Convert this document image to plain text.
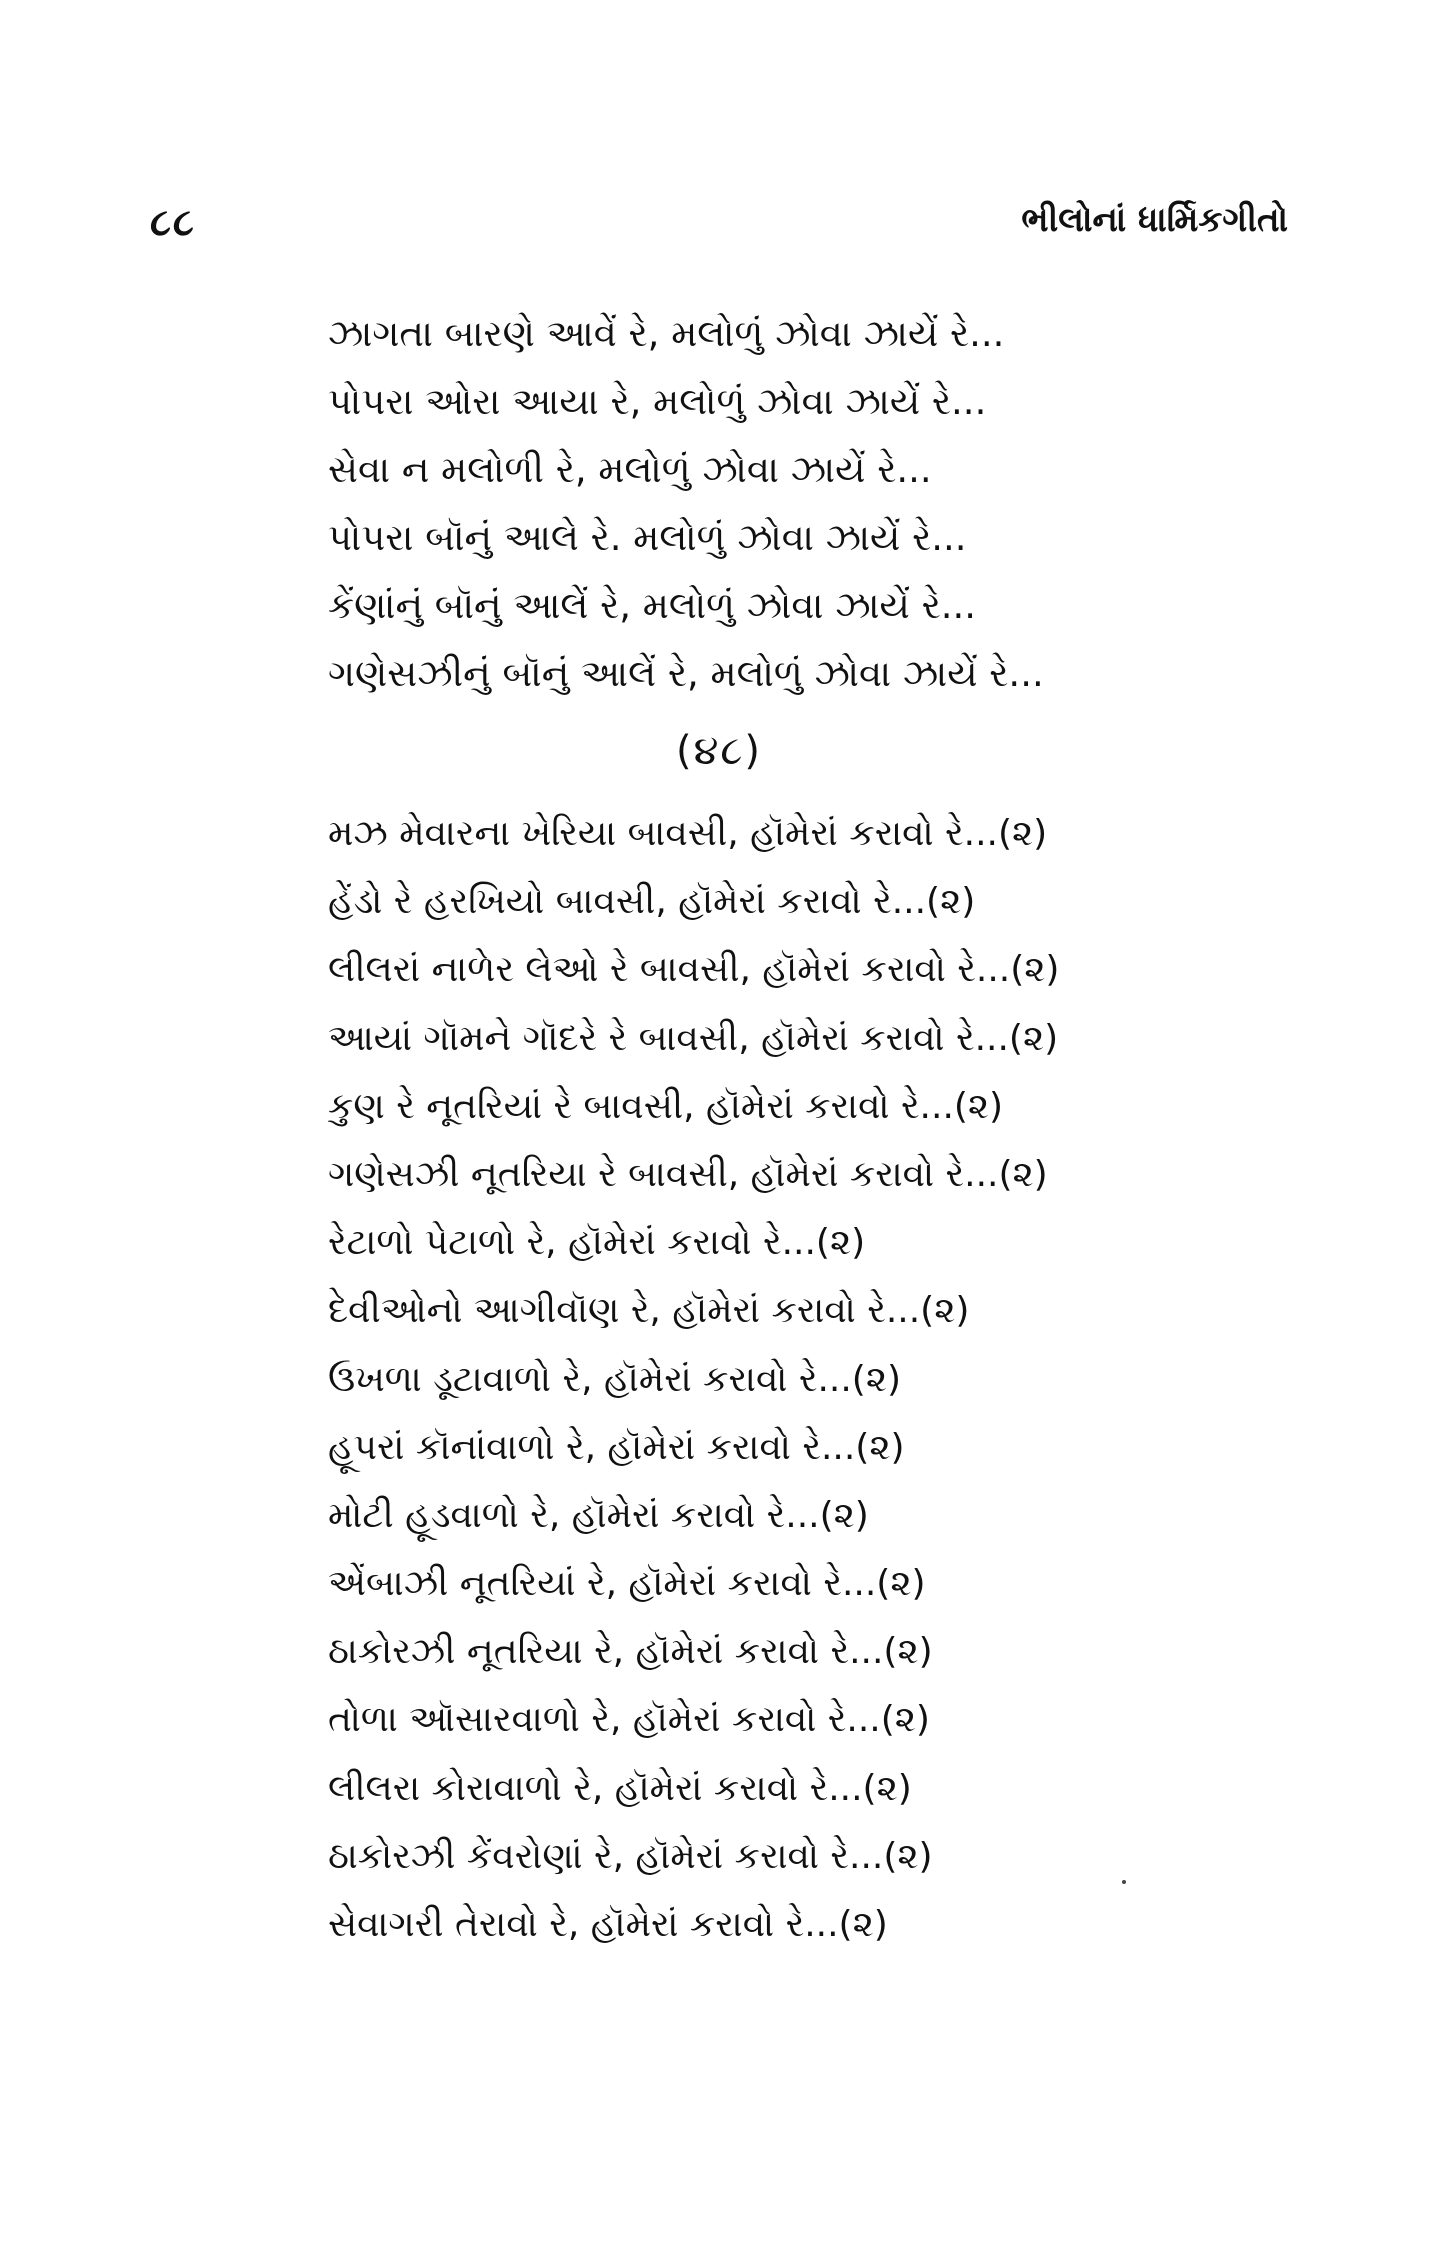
૮૮	ભીલોનાં ધાર્મિકગીતો
ઝાગતા બારણે આવેં રે, મલોળું ઝોવા ઝાયેં રે...
પોપરા ઓરા આયા રે, મલોળું ઝોવા ઝાયેં રે...
સેવા ન મલોળી રે, મલોળું ઝોવા ઝાયેં રે...
પોપરા બૉનું આલે રે. મલોળું ઝોવા ઝાયેં રે...
કેંણાંનું બૉનું આલેં રે, મલોળું ઝોવા ઝાયેં રે...
ગણેસઝીનું બૉનું આલેં રે, મલોળું ઝોવા ઝાયેં રે...
(૪૮)
મઝ મેવારના ખેરિયા બાવસી, હૉમેરાં કરાવો રે...(૨)
હેંડો રે હરખિયો બાવસી, હૉમેરાં કરાવો રે...(૨)
લીલરાં નાળેર લેઓ રે બાવસી, હૉમેરાં કરાવો રે...(૨)
આયાં ગૉમને ગૉદરે રે બાવસી, હૉમેરાં કરાવો રે...(૨)
કુણ રે નૂતરિયાં રે બાવસી, હૉમેરાં કરાવો રે...(૨)
ગણેસઝી નૂતરિયા રે બાવસી, હૉમેરાં કરાવો રે...(૨)
રેટાળો પેટાળો રે, હૉમેરાં કરાવો રે...(૨)
દેવીઓનો આગીવૉણ રે, હૉમેરાં કરાવો રે...(૨)
ઉખળા ડૂટાવાળો રે, હૉમેરાં કરાવો રે...(૨)
હૂપરાં કૉનાંવાળો રે, હૉમેરાં કરાવો રે...(૨)
મોટી હૂડવાળો રે, હૉમેરાં કરાવો રે...(૨)
એંબાઝી નૂતરિયાં રે, હૉમેરાં કરાવો રે...(૨)
ઠાકોરઝી નૂતરિયા રે, હૉમેરાં કરાવો રે...(૨)
તોળા ઑસારવાળો રે, હૉમેરાં કરાવો રે...(૨)
લીલરા કોરાવાળો રે, હૉમેરાં કરાવો રે...(૨)
ઠાકોરઝી કેંવરોણાં રે, હૉમેરાં કરાવો રે...(૨)
સેવાગરી તેરાવો રે, હૉમેરાં કરાવો રે...(૨)
